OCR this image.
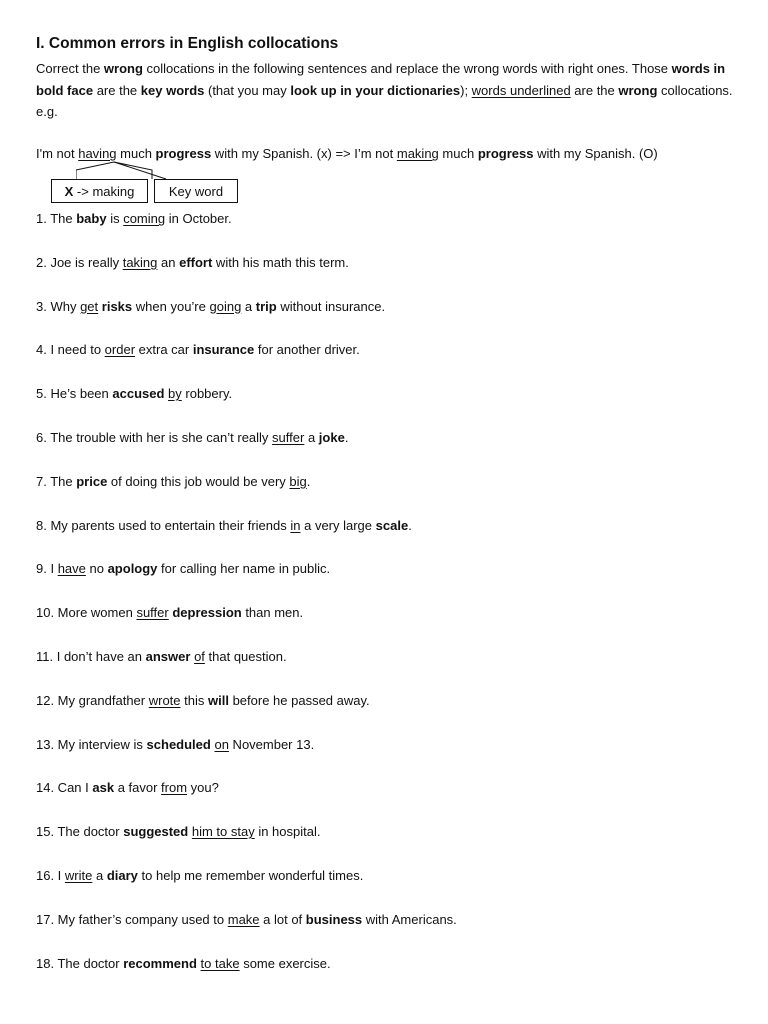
I. Common errors in English collocations

Correct the wrong collocations in the following sentences and replace the wrong words with right ones. Those words in bold face are the key words (that you may look up in your dictionaries); words underlined are the wrong collocations.

e.g.

I'm not having much progress with my Spanish. (x) => I’m not making much progress with my Spanish. (O)
X -> making	Key word
1. The baby is coming in October.
2. Joe is really taking an effort with his math this term.
3. Why get risks when you’re going a trip without insurance.
4. I need to order extra car insurance for another driver.
5. He’s been accused by robbery.
6. The trouble with her is she can’t really suffer a joke.
7. The price of doing this job would be very big.
8. My parents used to entertain their friends in a very large scale.
9. I have no apology for calling her name in public.
10. More women suffer depression than men.
11. I don’t have an answer of that question.
12. My grandfather wrote this will before he passed away.
13. My interview is scheduled on November 13.
14. Can I ask a favor from you?
15. The doctor suggested him to stay in hospital.
16. I write a diary to help me remember wonderful times.
17. My father’s company used to make a lot of business with Americans.
18. The doctor recommend to take some exercise.
